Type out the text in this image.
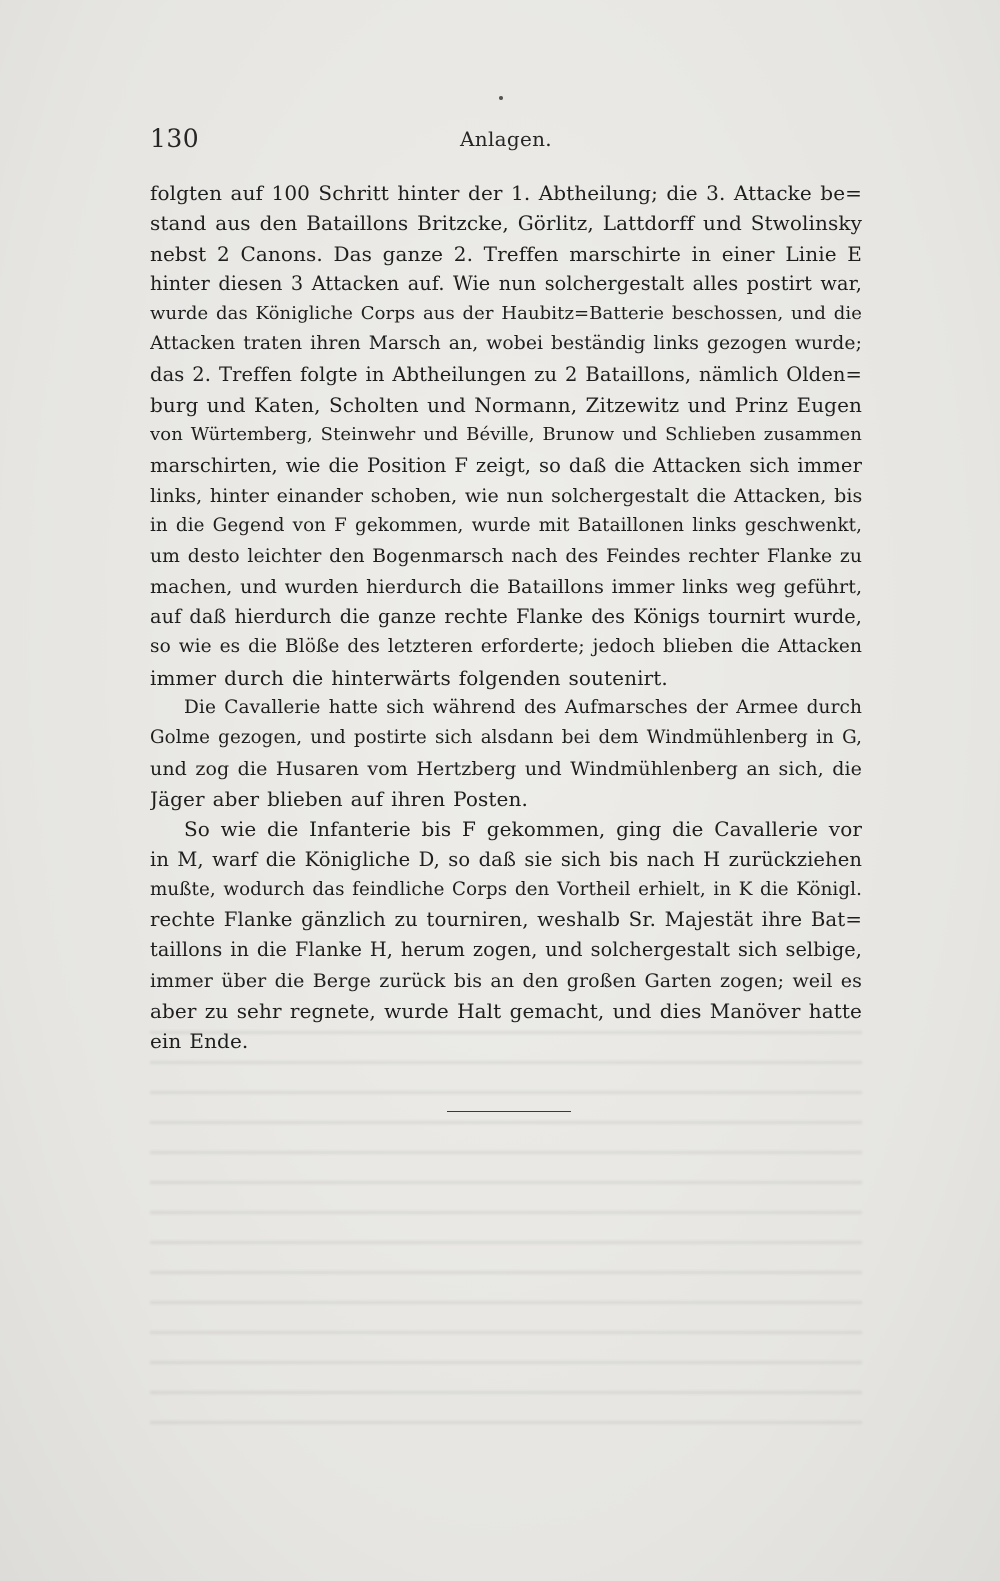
130	Anlagen.
folgten auf 100 Schritt hinter der 1. Abtheilung; die 3. Attacke be=
stand aus den Bataillons Britzcke, Görlitz, Lattdorff und Stwolinsky
nebst 2 Canons. Das ganze 2. Treffen marschirte in einer Linie E
hinter diesen 3 Attacken auf. Wie nun solchergestalt alles postirt war,
wurde das Königliche Corps aus der Haubitz=Batterie beschossen, und die
Attacken traten ihren Marsch an, wobei beständig links gezogen wurde;
das 2. Treffen folgte in Abtheilungen zu 2 Bataillons, nämlich Olden=
burg und Katen, Scholten und Normann, Zitzewitz und Prinz Eugen
von Würtemberg, Steinwehr und Béville, Brunow und Schlieben zusammen
marschirten, wie die Position F zeigt, so daß die Attacken sich immer
links, hinter einander schoben, wie nun solchergestalt die Attacken, bis
in die Gegend von F gekommen, wurde mit Bataillonen links geschwenkt,
um desto leichter den Bogenmarsch nach des Feindes rechter Flanke zu
machen, und wurden hierdurch die Bataillons immer links weg geführt,
auf daß hierdurch die ganze rechte Flanke des Königs tournirt wurde,
so wie es die Blöße des letzteren erforderte; jedoch blieben die Attacken
immer durch die hinterwärts folgenden soutenirt.
Die Cavallerie hatte sich während des Aufmarsches der Armee durch
Golme gezogen, und postirte sich alsdann bei dem Windmühlenberg in G,
und zog die Husaren vom Hertzberg und Windmühlenberg an sich, die
Jäger aber blieben auf ihren Posten.
So wie die Infanterie bis F gekommen, ging die Cavallerie vor
in M, warf die Königliche D, so daß sie sich bis nach H zurückziehen
mußte, wodurch das feindliche Corps den Vortheil erhielt, in K die Königl.
rechte Flanke gänzlich zu tourniren, weshalb Sr. Majestät ihre Bat=
taillons in die Flanke H, herum zogen, und solchergestalt sich selbige,
immer über die Berge zurück bis an den großen Garten zogen; weil es
aber zu sehr regnete, wurde Halt gemacht, und dies Manöver hatte
ein Ende.
